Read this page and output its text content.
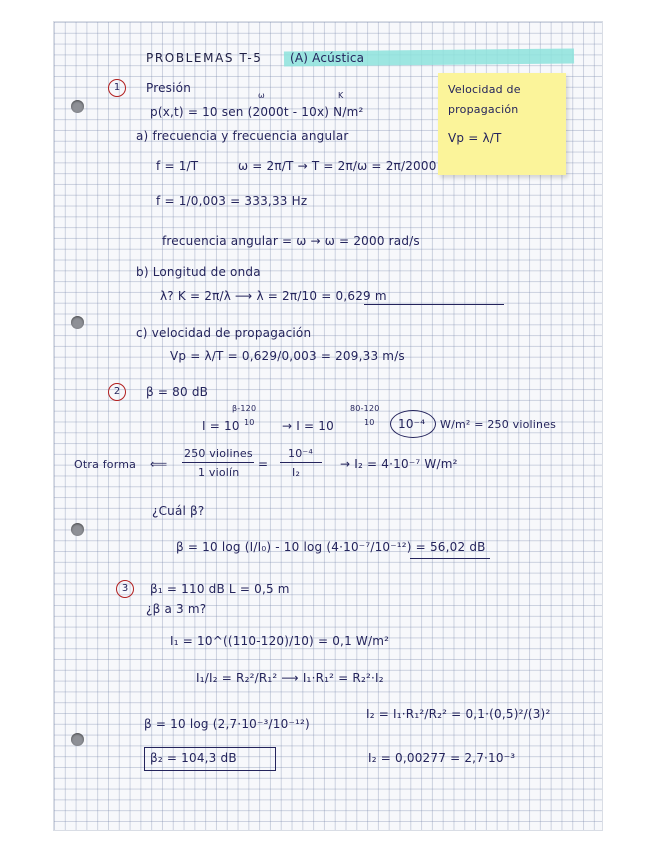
PROBLEMAS T-5 (A) Acústica
Velocidad de
propagación
Vp = λ/T
1	Presión
ω	K
p(x,t) = 10 sen (2000t - 10x) N/m²
a) frecuencia y frecuencia angular
f = 1/T	ω = 2π/T → T = 2π/ω = 2π/2000
f = 1/0,003 = 333,33 Hz
frecuencia angular = ω → ω = 2000 rad/s
b) Longitud de onda
λ? K = 2π/λ ⟶ λ = 2π/10 = 0,629 m
c) velocidad de propagación
Vp = λ/T = 0,629/0,003 = 209,33 m/s
2	β = 80 dB
β-120
10
I = 10	→ I = 10
80-120
10 10⁻⁴ W/m² = 250 violines
Otra forma ⟸
250 violines
1 violín
=
10⁻⁴
I₂
→ I₂ = 4·10⁻⁷ W/m²
¿Cuál β?
β = 10 log (I/I₀) - 10 log (4·10⁻⁷/10⁻¹²) = 56,02 dB
3	β₁ = 110 dB L = 0,5 m
¿β a 3 m?
I₁ = 10^((110-120)/10) = 0,1 W/m²
I₁/I₂ = R₂²/R₁² ⟶ I₁·R₁² = R₂²·I₂
I₂ = I₁·R₁²/R₂² = 0,1·(0,5)²/(3)²
β = 10 log (2,7·10⁻³/10⁻¹²)
I₂ = 0,00277 = 2,7·10⁻³
β₂ = 104,3 dB
